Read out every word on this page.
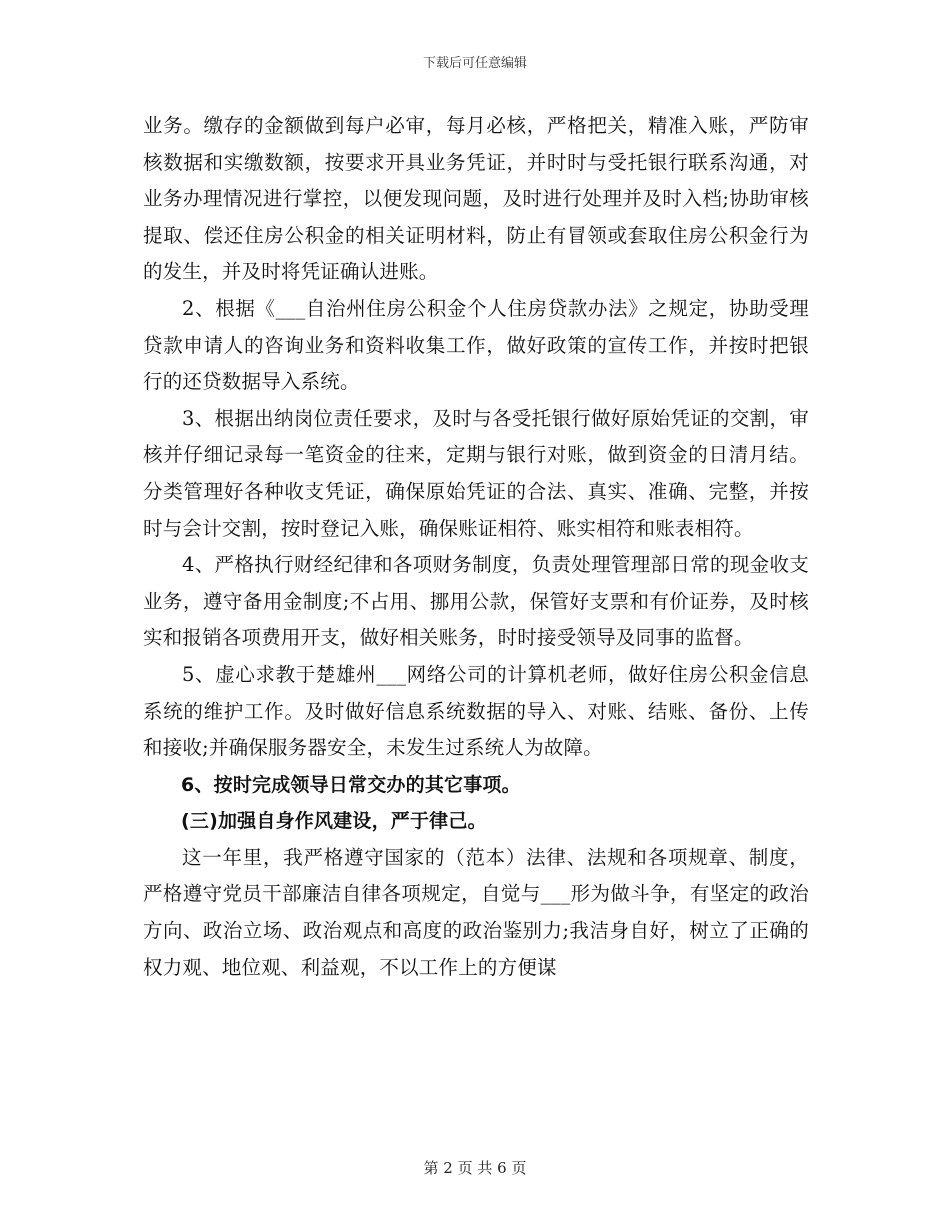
下载后可任意编辑

业务。缴存的金额做到每户必审，每月必核，严格把关，精准入账，严防审核数据和实缴数额，按要求开具业务凭证，并时时与受托银行联系沟通，对业务办理情况进行掌控，以便发现问题，及时进行处理并及时入档;协助审核提取、偿还住房公积金的相关证明材料，防止有冒领或套取住房公积金行为的发生，并及时将凭证确认进账。

2、根据《___自治州住房公积金个人住房贷款办法》之规定，协助受理贷款申请人的咨询业务和资料收集工作，做好政策的宣传工作，并按时把银行的还贷数据导入系统。

3、根据出纳岗位责任要求，及时与各受托银行做好原始凭证的交割，审核并仔细记录每一笔资金的往来，定期与银行对账，做到资金的日清月结。分类管理好各种收支凭证，确保原始凭证的合法、真实、准确、完整，并按时与会计交割，按时登记入账，确保账证相符、账实相符和账表相符。

4、严格执行财经纪律和各项财务制度，负责处理管理部日常的现金收支业务，遵守备用金制度;不占用、挪用公款，保管好支票和有价证券，及时核实和报销各项费用开支，做好相关账务，时时接受领导及同事的监督。

5、虚心求教于楚雄州___网络公司的计算机老师，做好住房公积金信息系统的维护工作。及时做好信息系统数据的导入、对账、结账、备份、上传和接收;并确保服务器安全，未发生过系统人为故障。

6、按时完成领导日常交办的其它事项。

(三)加强自身作风建设，严于律己。

这一年里，我严格遵守国家的（范本）法律、法规和各项规章、制度，严格遵守党员干部廉洁自律各项规定，自觉与___形为做斗争，有坚定的政治方向、政治立场、政治观点和高度的政治鉴别力;我洁身自好，树立了正确的权力观、地位观、利益观，不以工作上的方便谋

第 2 页 共 6 页
